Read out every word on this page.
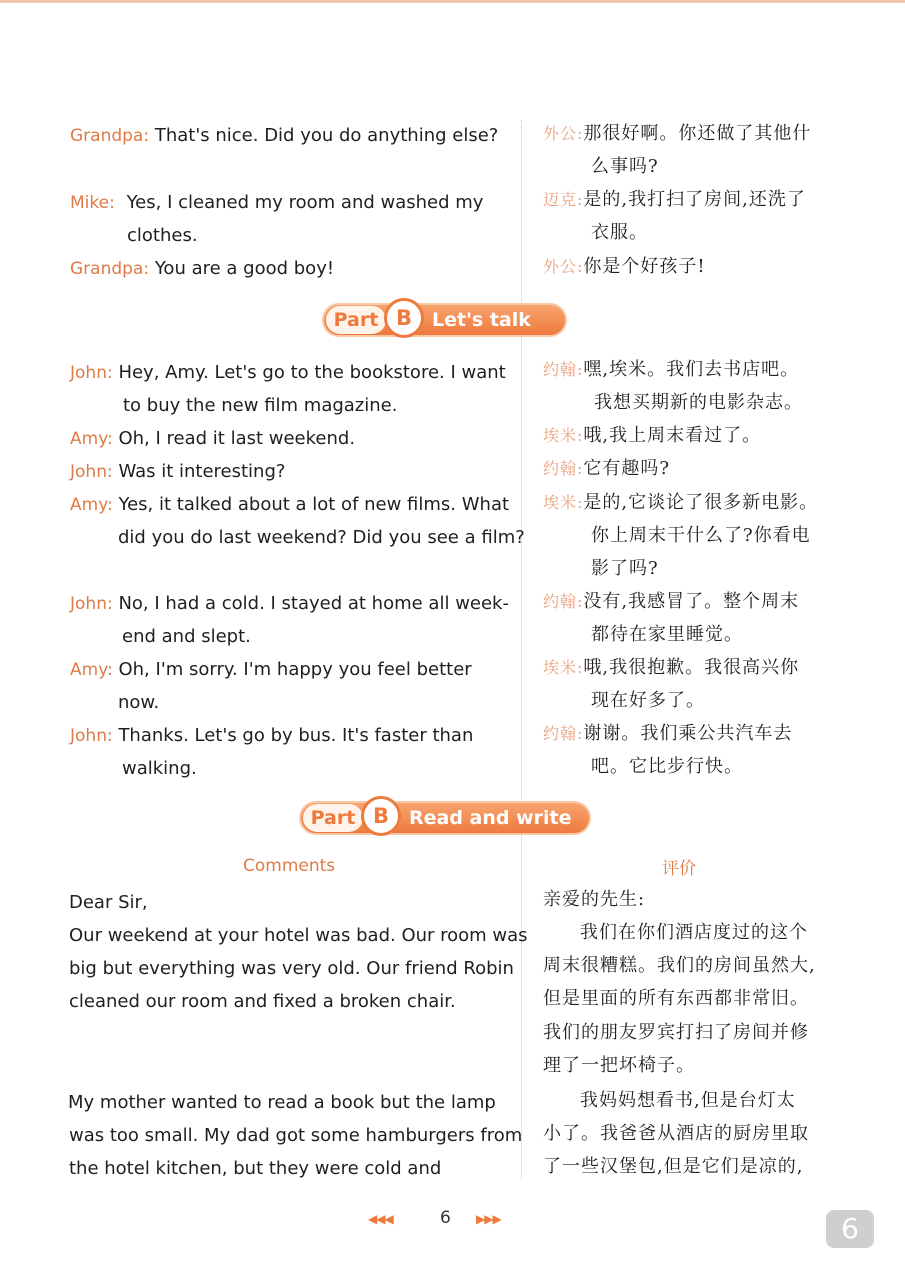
Grandpa: That's nice. Did you do anything else?
Mike: Yes, I cleaned my room and washed my
clothes.
Grandpa: You are a good boy!
外公:那很好啊。你还做了其他什
么事吗?
迈克:是的,我打扫了房间,还洗了
衣服。
外公:你是个好孩子!
Part B	Let's talk
John: Hey, Amy. Let's go to the bookstore. I want
to buy the new film magazine.
Amy: Oh, I read it last weekend.
John: Was it interesting?
Amy: Yes, it talked about a lot of new films. What
did you do last weekend? Did you see a film?
John: No, I had a cold. I stayed at home all week-
end and slept.
Amy: Oh, I'm sorry. I'm happy you feel better
now.
John: Thanks. Let's go by bus. It's faster than
walking.
约翰:嘿,埃米。我们去书店吧。
我想买期新的电影杂志。
埃米:哦,我上周末看过了。
约翰:它有趣吗?
埃米:是的,它谈论了很多新电影。
你上周末干什么了?你看电
影了吗?
约翰:没有,我感冒了。整个周末
都待在家里睡觉。
埃米:哦,我很抱歉。我很高兴你
现在好多了。
约翰:谢谢。我们乘公共汽车去
吧。它比步行快。
Part B	Read and write
Comments	评价
Dear Sir,
Our weekend at your hotel was bad. Our room was
big but everything was very old. Our friend Robin
cleaned our room and fixed a broken chair.
My mother wanted to read a book but the lamp
was too small. My dad got some hamburgers from
the hotel kitchen, but they were cold and
亲爱的先生:
我们在你们酒店度过的这个
周末很糟糕。我们的房间虽然大,
但是里面的所有东西都非常旧。
我们的朋友罗宾打扫了房间并修
理了一把坏椅子。
我妈妈想看书,但是台灯太
小了。我爸爸从酒店的厨房里取
了一些汉堡包,但是它们是凉的,
◀◀◀	6 ▶▶▶	6
